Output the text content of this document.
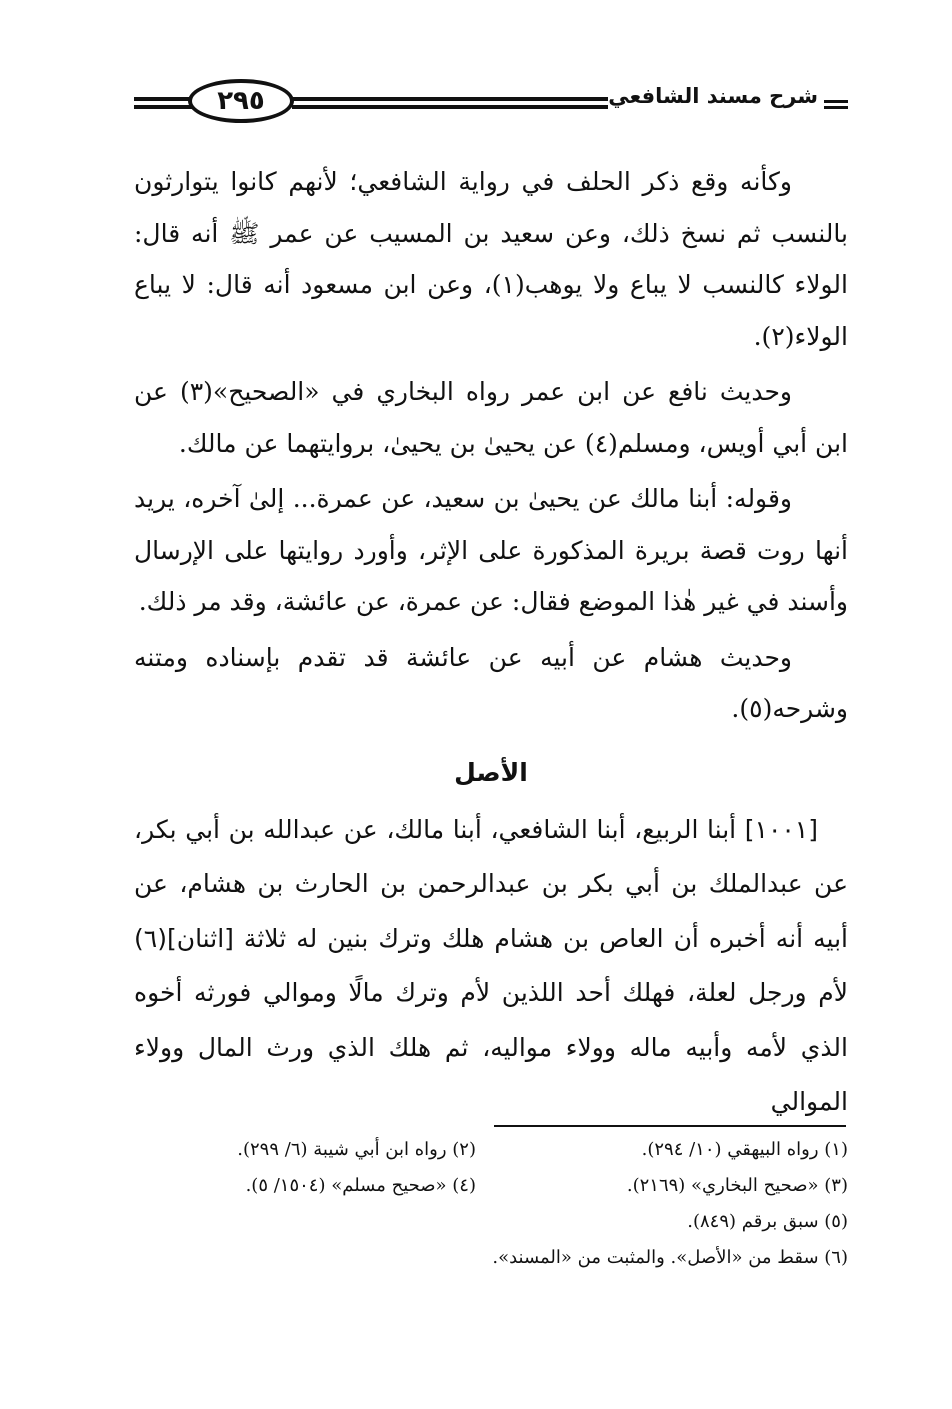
٢٩٥	شرح مسند الشافعي

وكأنه وقع ذكر الحلف في رواية الشافعي؛ لأنهم كانوا يتوارثون بالنسب ثم نسخ ذلك، وعن سعيد بن المسيب عن عمر ﷺ أنه قال: الولاء كالنسب لا يباع ولا يوهب(١)، وعن ابن مسعود أنه قال: لا يباع الولاء(٢).

وحديث نافع عن ابن عمر رواه البخاري في «الصحيح»(٣) عن ابن أبي أويس، ومسلم(٤) عن يحيىٰ بن يحيىٰ، بروايتهما عن مالك.

وقوله: أبنا مالك عن يحيىٰ بن سعيد، عن عمرة... إلىٰ آخره، يريد أنها روت قصة بريرة المذكورة على الإثر، وأورد روايتها على الإرسال وأسند في غير هٰذا الموضع فقال: عن عمرة، عن عائشة، وقد مر ذلك.

وحديث هشام عن أبيه عن عائشة قد تقدم بإسناده ومتنه وشرحه(٥).

الأصل

[١٠٠١] أبنا الربيع، أبنا الشافعي، أبنا مالك، عن عبدالله بن أبي بكر، عن عبدالملك بن أبي بكر بن عبدالرحمن بن الحارث بن هشام، عن أبيه أنه أخبره أن العاص بن هشام هلك وترك بنين له ثلاثة [اثنان](٦) لأم ورجل لعلة، فهلك أحد اللذين لأم وترك مالًا وموالي فورثه أخوه الذي لأمه وأبيه ماله وولاء مواليه، ثم هلك الذي ورث المال وولاء الموالي

(١) رواه البيهقي (١٠/ ٢٩٤).
(٢) رواه ابن أبي شيبة (٦/ ٢٩٩).
(٣) «صحيح البخاري» (٢١٦٩).
(٤) «صحيح مسلم» (١٥٠٤/ ٥).
(٥) سبق برقم (٨٤٩).
(٦) سقط من «الأصل». والمثبت من «المسند».
